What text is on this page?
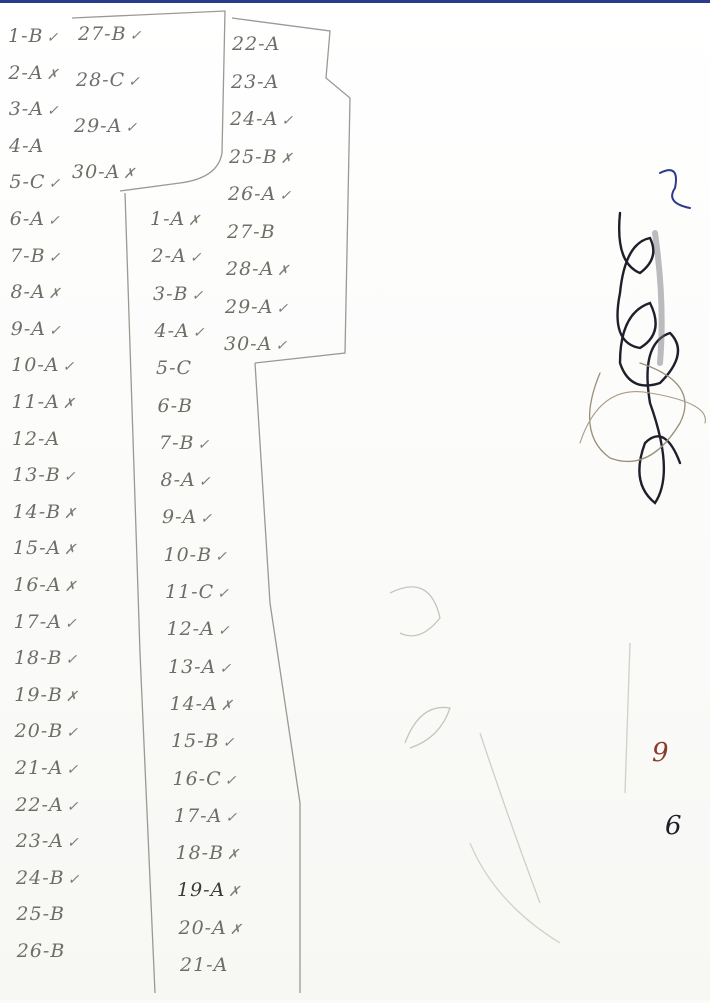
1-B ✓
2-A ✗
3-A ✓
4-A
5-C ✓
6-A ✓
7-B ✓
8-A ✗
9-A ✓
10-A ✓
11-A ✗
12-A
13-B ✓
14-B ✗
15-A ✗
16-A ✗
17-A ✓
18-B ✓
19-B ✗
20-B ✓
21-A ✓
22-A ✓
23-A ✓
24-B ✓
25-B
26-B
27-B ✓
28-C ✓
29-A ✓
30-A ✗
22-A
23-A
24-A ✓
25-B ✗
26-A ✓
27-B
28-A ✗
29-A ✓
30-A ✓
1-A ✗
2-A ✓
3-B ✓
4-A ✓
5-C
6-B
7-B ✓
8-A ✓
9-A ✓
10-B ✓
11-C ✓
12-A ✓
13-A ✓
14-A ✗
15-B ✓
16-C ✓
17-A ✓
18-B ✗
19-A ✗
20-A ✗
21-A
9
6
